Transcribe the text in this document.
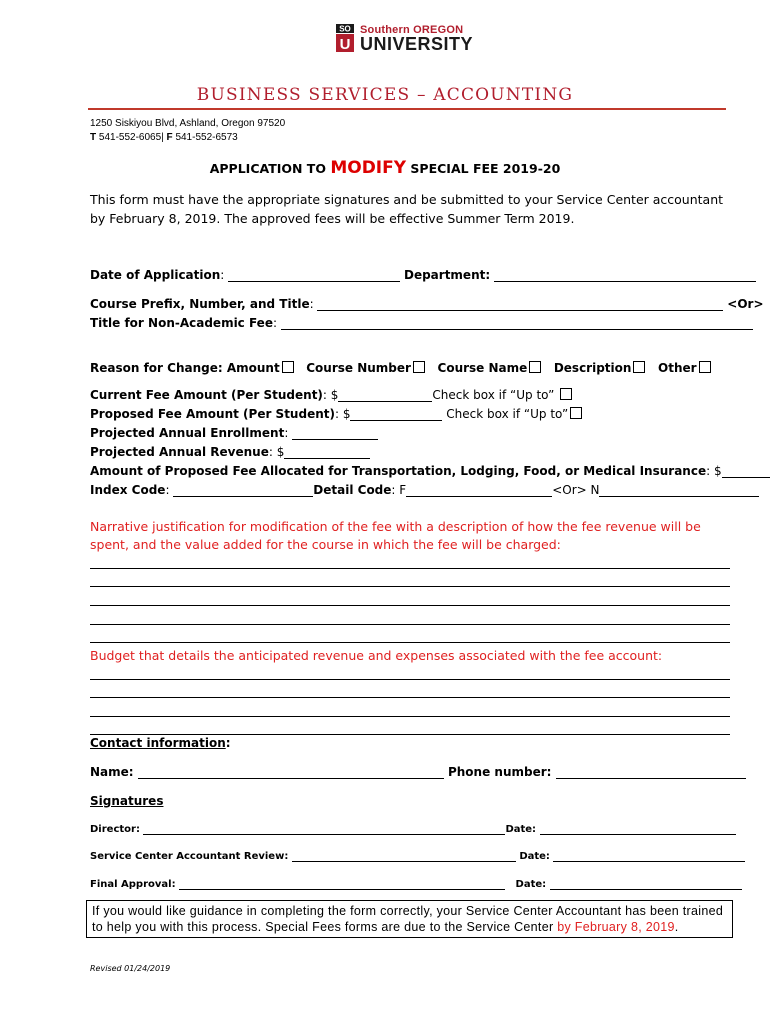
SO
U
Southern OREGON
UNIVERSITY
BUSINESS SERVICES – ACCOUNTING
1250 Siskiyou Blvd, Ashland, Oregon 97520
T 541-552-6065| F 541-552-6573
APPLICATION TO MODIFY SPECIAL FEE 2019-20
This form must have the appropriate signatures and be submitted to your Service Center accountant by February 8, 2019. The approved fees will be effective Summer Term 2019.
Date of Application:	Department:
Course Prefix, Number, and Title:	<Or>
Title for Non-Academic Fee:
Reason for Change: Amount Course Number Course Name Description Other
Current Fee Amount (Per Student): $	Check box if “Up to”
Proposed Fee Amount (Per Student): $	Check box if “Up to”
Projected Annual Enrollment:
Projected Annual Revenue: $
Amount of Proposed Fee Allocated for Transportation, Lodging, Food, or Medical Insurance: $
Index Code:	Detail Code: F	<Or> N
Narrative justification for modification of the fee with a description of how the fee revenue will be spent, and the value added for the course in which the fee will be charged:
Budget that details the anticipated revenue and expenses associated with the fee account:
Contact information:
Name:	Phone number:
Signatures
Director:	Date:
Service Center Accountant Review:	Date:
Final Approval:	Date:
If you would like guidance in completing the form correctly, your Service Center Accountant has been trained to help you with this process. Special Fees forms are due to the Service Center by February 8, 2019.
Revised 01/24/2019
